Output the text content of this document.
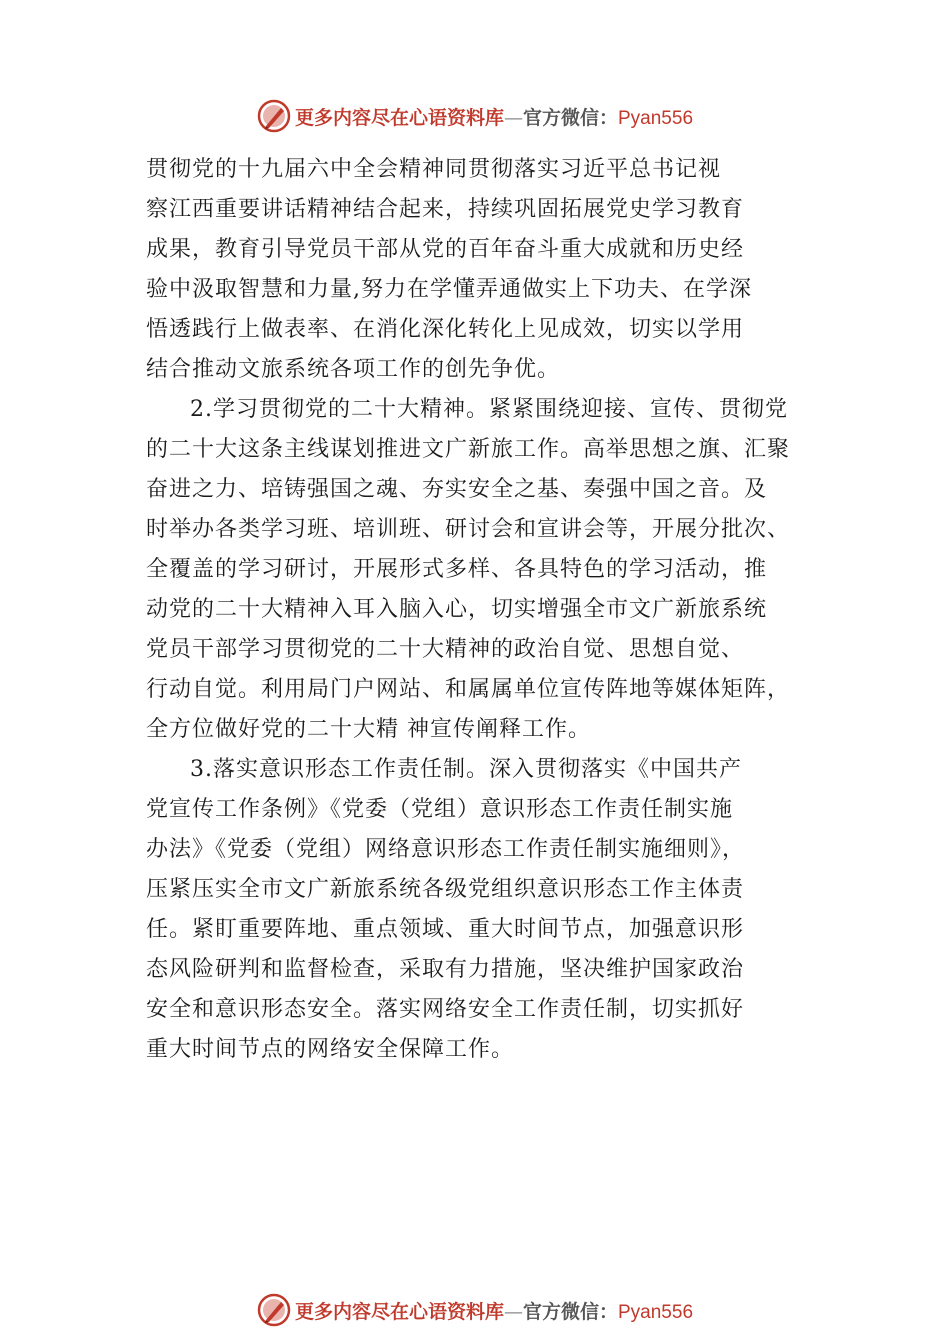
更多内容尽在心语资料库—官方微信：Pyan556
贯彻党的十九届六中全会精神同贯彻落实习近平总书记视
察江西重要讲话精神结合起来，持续巩固拓展党史学习教育
成果，教育引导党员干部从党的百年奋斗重大成就和历史经
验中汲取智慧和力量,努力在学懂弄通做实上下功夫、在学深
悟透践行上做表率、在消化深化转化上见成效，切实以学用
结合推动文旅系统各项工作的创先争优。
2.学习贯彻党的二十大精神。紧紧围绕迎接、宣传、贯彻党
的二十大这条主线谋划推进文广新旅工作。高举思想之旗、汇聚
奋进之力、培铸强国之魂、夯实安全之基、奏强中国之音。及
时举办各类学习班、培训班、研讨会和宣讲会等，开展分批次、
全覆盖的学习研讨，开展形式多样、各具特色的学习活动，推
动党的二十大精神入耳入脑入心，切实增强全市文广新旅系统
党员干部学习贯彻党的二十大精神的政治自觉、思想自觉、
行动自觉。利用局门户网站、和属属单位宣传阵地等媒体矩阵，
全方位做好党的二十大精 神宣传阐释工作。
3.落实意识形态工作责任制。深入贯彻落实《中国共产
党宣传工作条例》《党委（党组）意识形态工作责任制实施
办法》《党委（党组）网络意识形态工作责任制实施细则》，
压紧压实全市文广新旅系统各级党组织意识形态工作主体责
任。紧盯重要阵地、重点领域、重大时间节点，加强意识形
态风险研判和监督检查，采取有力措施，坚决维护国家政治
安全和意识形态安全。落实网络安全工作责任制，切实抓好
重大时间节点的网络安全保障工作。
更多内容尽在心语资料库—官方微信：Pyan556
